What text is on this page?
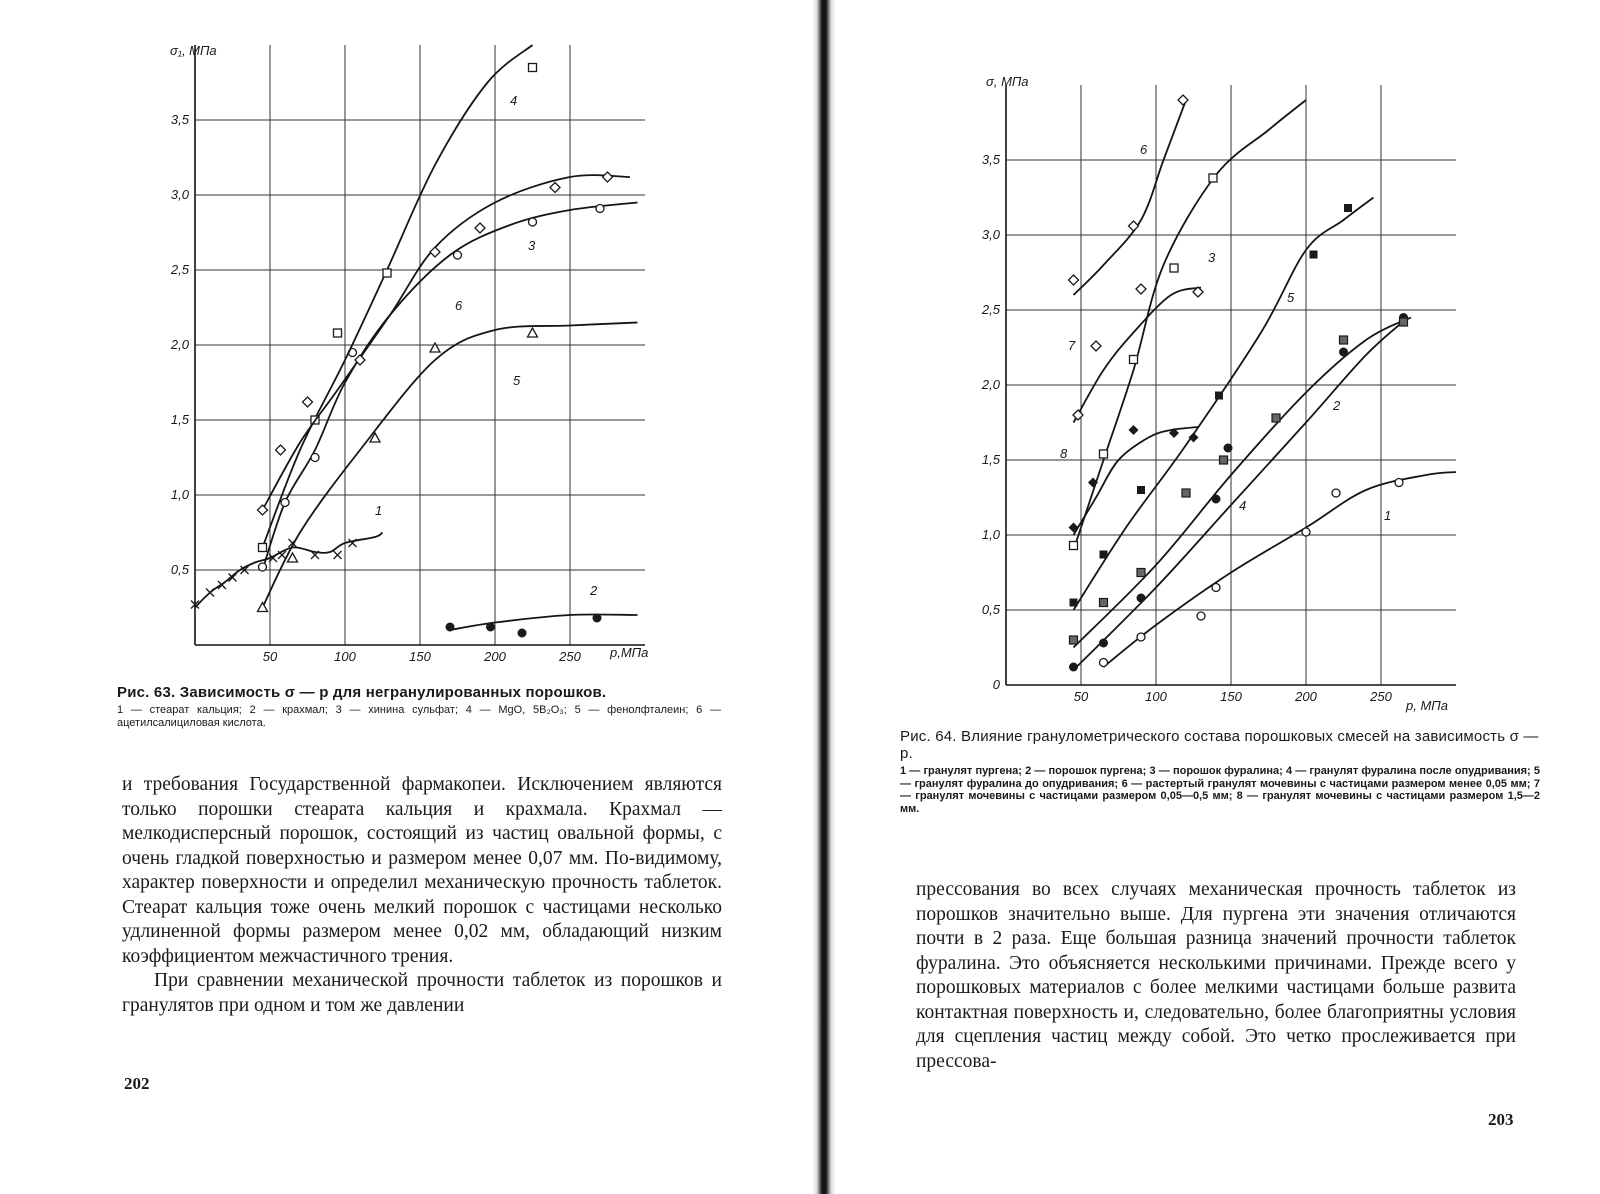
50	100	150	200	250
0,5
1,0
1,5
2,0
2,5
3,0
3,5
σ₁, МПа
p,МПа
1
2
3
4
5
6
Рис. 63. Зависимость σ — p для негранулированных порошков.
1 — стеарат кальция; 2 — крахмал; 3 — хинина сульфат; 4 — MgO, 5B₂O₃; 5 — фенолфталеин; 6 — ацетилсалициловая кислота.

и требования Государственной фармакопеи. Исключением являются только порошки стеарата кальция и крахмала. Крахмал — мелкодисперсный порошок, состоящий из частиц овальной формы, с очень гладкой поверхностью и размером менее 0,07 мм. По-видимому, характер поверхности и определил механическую прочность таблеток. Стеарат кальция тоже очень мелкий порошок с частицами несколько удлиненной формы размером менее 0,02 мм, обладающий низким коэффициентом межчастичного трения.

При сравнении механической прочности таблеток из порошков и гранулятов при одном и том же давлении

202
50	100	150	200	250
0
0,5
1,0
1,5
2,0
2,5
3,0
3,5
σ, МПа
p, МПа
1
2
3
4
5
6
7
8
Рис. 64. Влияние гранулометрического состава порошковых смесей на зависимость σ — p.
1 — гранулят пургена; 2 — порошок пургена; 3 — порошок фуралина; 4 — гранулят фуралина после опудривания; 5 — гранулят фуралина до опудривания; 6 — растертый гранулят мочевины с частицами размером менее 0,05 мм; 7 — гранулят мочевины с частицами размером 0,05—0,5 мм; 8 — гранулят мочевины с частицами размером 1,5—2 мм.

прессования во всех случаях механическая прочность таблеток из порошков значительно выше. Для пургена эти значения отличаются почти в 2 раза. Еще большая разница значений прочности таблеток фуралина. Это объясняется несколькими причинами. Прежде всего у порошковых материалов с более мелкими частицами больше развита контактная поверхность и, следовательно, более благоприятны условия для сцепления частиц между собой. Это четко прослеживается при прессова-

203
